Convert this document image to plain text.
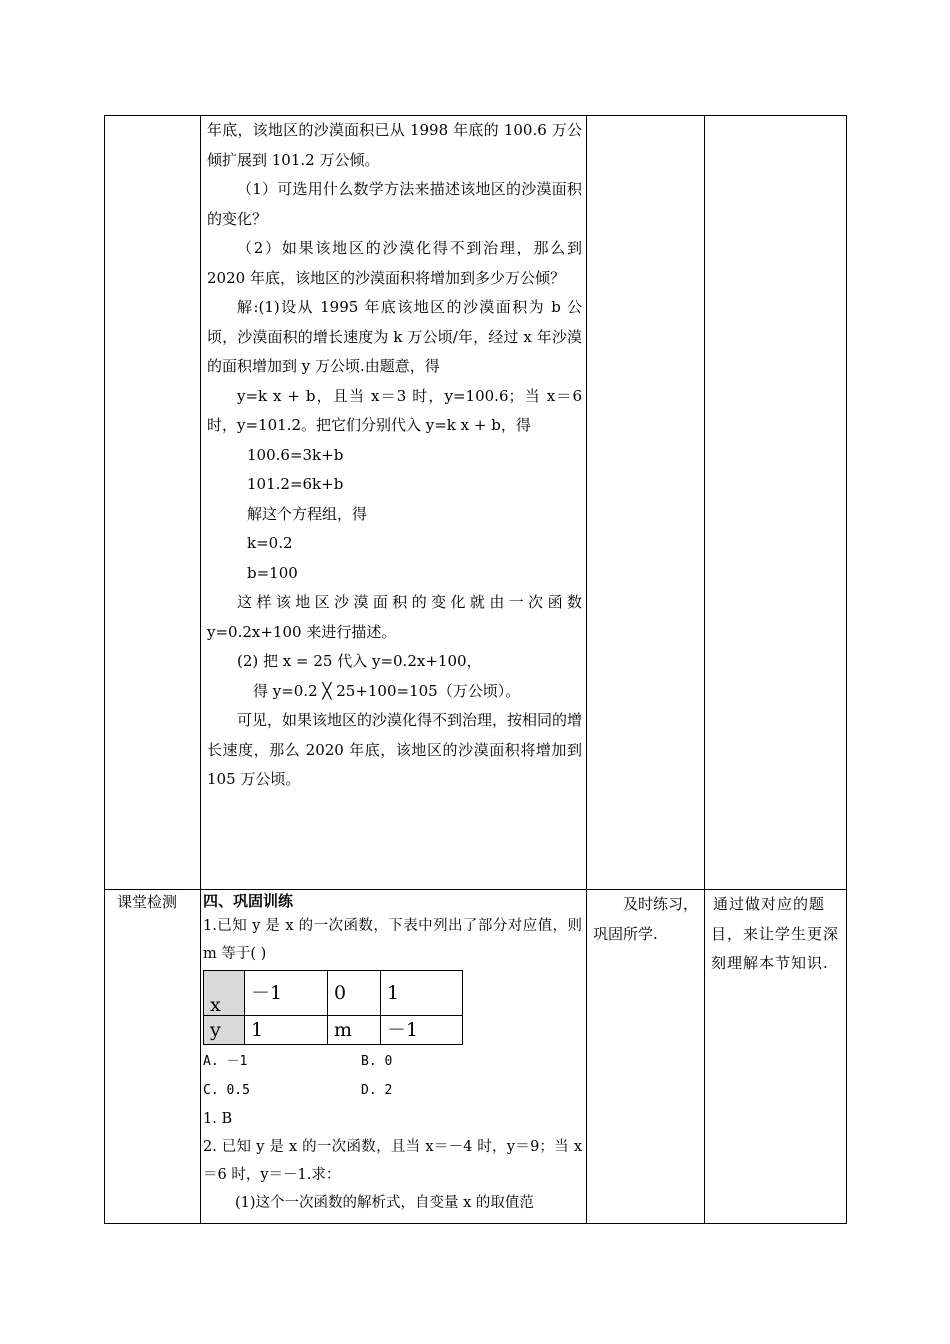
年底，该地区的沙漠面积已从 1998 年底的 100.6 万公倾扩展到 101.2 万公倾。

（1）可选用什么数学方法来描述该地区的沙漠面积的变化？

（2）如果该地区的沙漠化得不到治理，那么到 2020 年底，该地区的沙漠面积将增加到多少万公倾？

解:(1)设从 1995 年底该地区的沙漠面积为 b 公顷，沙漠面积的增长速度为 k 万公顷/年，经过 x 年沙漠的面积增加到 y 万公顷.由题意，得

y=k x + b，且当 x＝3 时，y=100.6；当 x＝6 时，y=101.2。把它们分别代入 y=k x + b，得

100.6=3k+b

101.2=6k+b

解这个方程组，得

k=0.2

b=100

这样该地区沙漠面积的变化就由一次函数 y=0.2x+100 来进行描述。

(2) 把 x = 25 代入 y=0.2x+100，

得 y=0.2 ╳ 25+100=105（万公顷）。

可见，如果该地区的沙漠化得不到治理，按相同的增长速度，那么 2020 年底，该地区的沙漠面积将增加到 105 万公顷。

课堂检测	四、巩固训练

1.已知 y 是 x 的一次函数，下表中列出了部分对应值，则 m 等于( )

x	－1	0	1
y	1	m	－1
A. －1	B. 0
C. 0.5	D. 2

1. B

2. 已知 y 是 x 的一次函数，且当 x＝－4 时，y＝9；当 x＝6 时，y＝－1.求：

(1)这个一次函数的解析式，自变量 x 的取值范

及时练习，巩固所学.

通过做对应的题目，来让学生更深刻理解本节知识.
